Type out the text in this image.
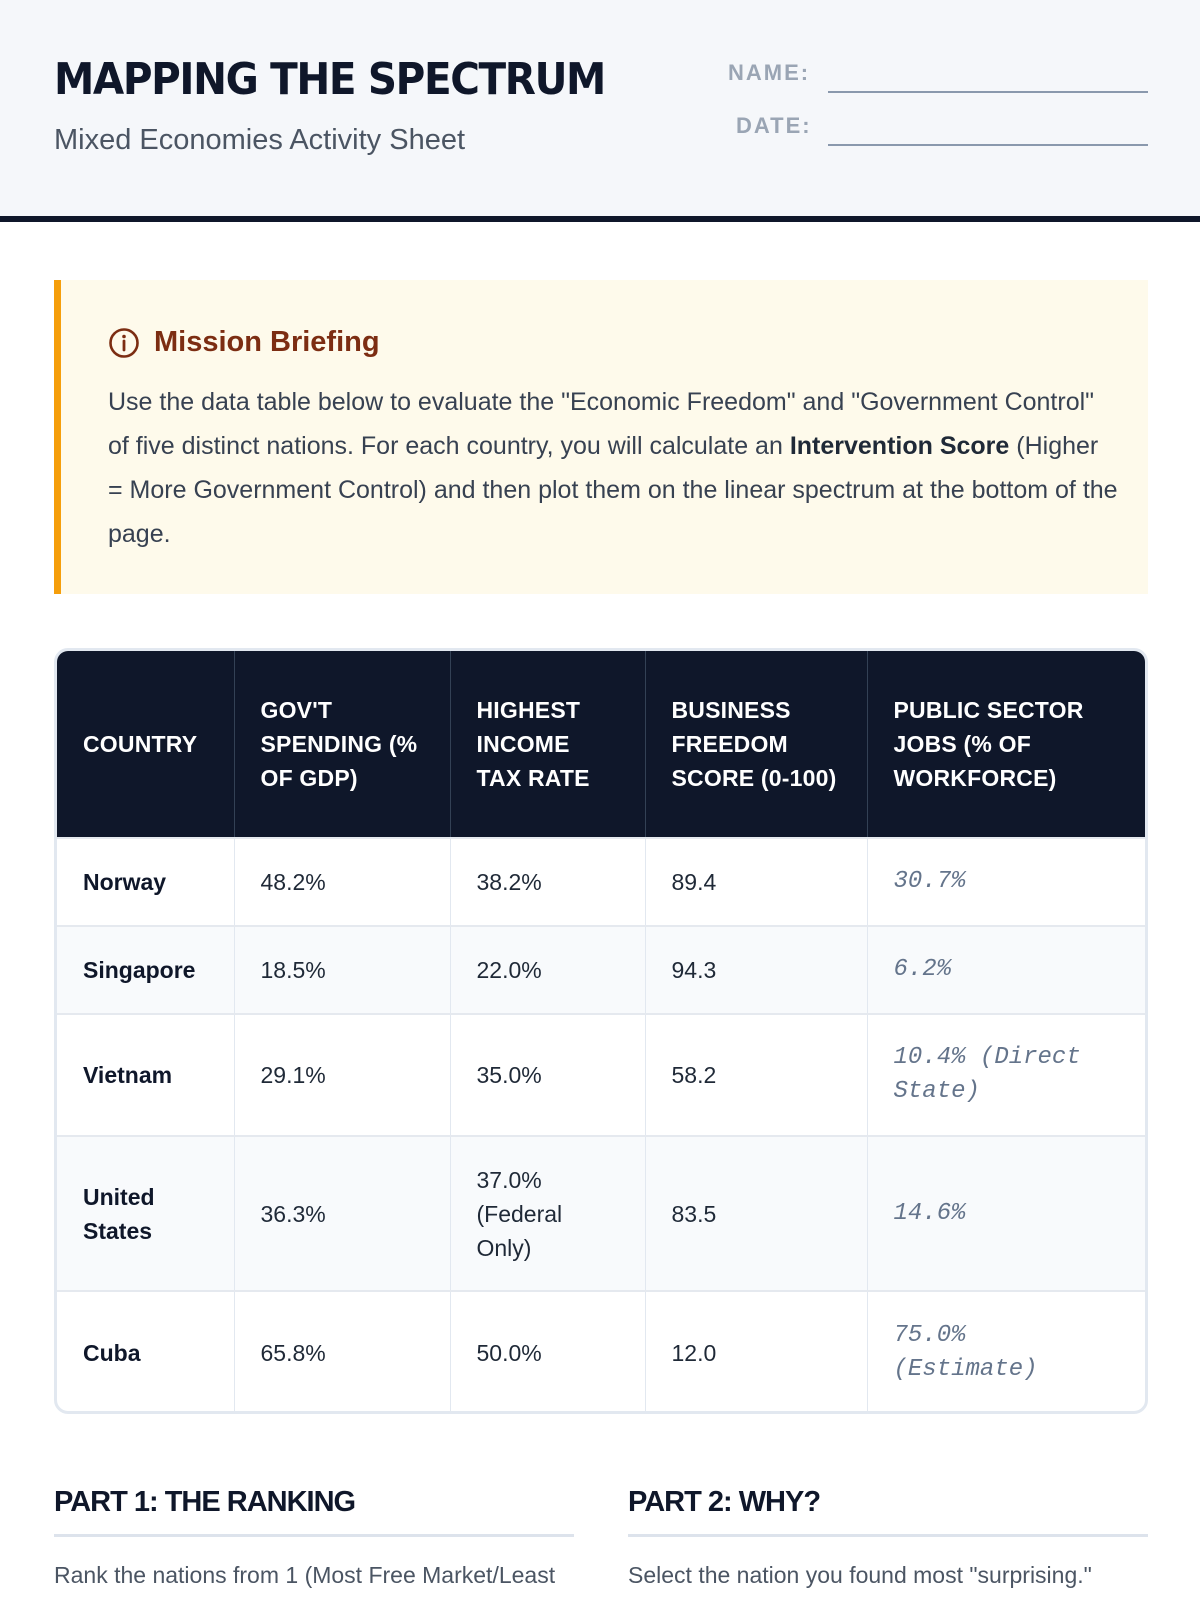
MAPPING THE SPECTRUM
Mixed Economies Activity Sheet
NAME:
DATE:
Mission Briefing
Use the data table below to evaluate the "Economic Freedom" and "Government Control" of five distinct nations. For each country, you will calculate an Intervention Score (Higher = More Government Control) and then plot them on the linear spectrum at the bottom of the page.
COUNTRY	GOV'T SPENDING (% OF GDP)	HIGHEST INCOME TAX RATE	BUSINESS FREEDOM SCORE (0-100)	PUBLIC SECTOR JOBS (% OF WORKFORCE)
Norway	48.2%	38.2%	89.4	30.7%
Singapore	18.5%	22.0%	94.3	6.2%
Vietnam	29.1%	35.0%	58.2	10.4% (Direct State)
United States	36.3%	37.0% (Federal Only)	83.5	14.6%
Cuba	65.8%	50.0%	12.0	75.0% (Estimate)
PART 1: THE RANKING
Rank the nations from 1 (Most Free Market/Least
PART 2: WHY?
Select the nation you found most "surprising."
